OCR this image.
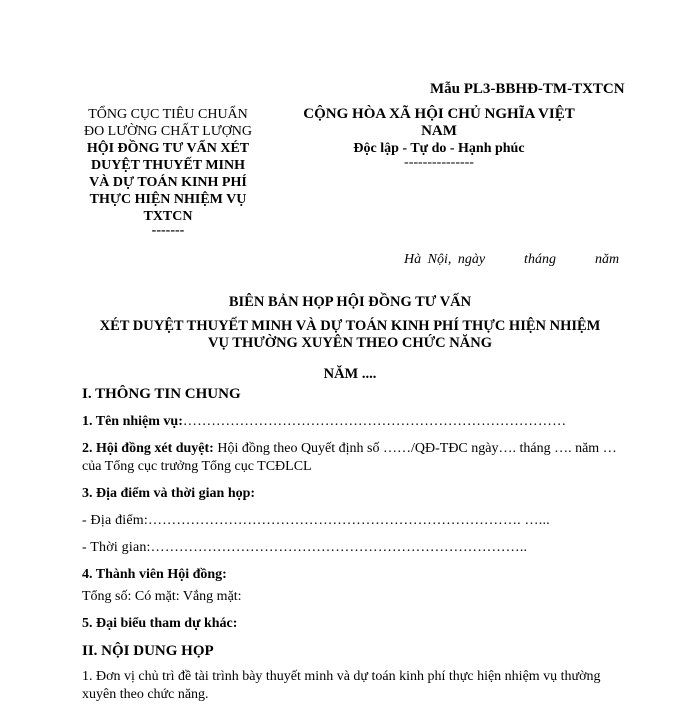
Mẫu PL3-BBHĐ-TM-TXTCN
TỔNG CỤC TIÊU CHUẨN
ĐO LƯỜNG CHẤT LƯỢNG
HỘI ĐỒNG TƯ VẤN XÉT
DUYỆT THUYẾT MINH
VÀ DỰ TOÁN KINH PHÍ
THỰC HIỆN NHIỆM VỤ
TXTCN
-------
CỘNG HÒA XÃ HỘI CHỦ NGHĨA VIỆT NAM
Độc lập - Tự do - Hạnh phúc
---------------
Hà Nội, ngày      tháng      năm
BIÊN BẢN HỌP HỘI ĐỒNG TƯ VẤN
XÉT DUYỆT THUYẾT MINH VÀ DỰ TOÁN KINH PHÍ THỰC HIỆN NHIỆM
VỤ THƯỜNG XUYÊN THEO CHỨC NĂNG
NĂM ....
I. THÔNG TIN CHUNG
1. Tên nhiệm vụ:………………………………………………………………………
2. Hội đồng xét duyệt: Hội đồng theo Quyết định số ……/QĐ-TĐC ngày…. tháng …. năm … của Tổng cục trưởng Tổng cục TCĐLCL
3. Địa điểm và thời gian họp:
- Địa điểm:……………………………………………………………………. …...
- Thời gian:……………………………………………………………………..
4. Thành viên Hội đồng:
Tổng số: Có mặt: Vắng mặt:
5. Đại biểu tham dự khác:
II. NỘI DUNG HỌP
1. Đơn vị chủ trì đề tài trình bày thuyết minh và dự toán kinh phí thực hiện nhiệm vụ thường xuyên theo chức năng.
